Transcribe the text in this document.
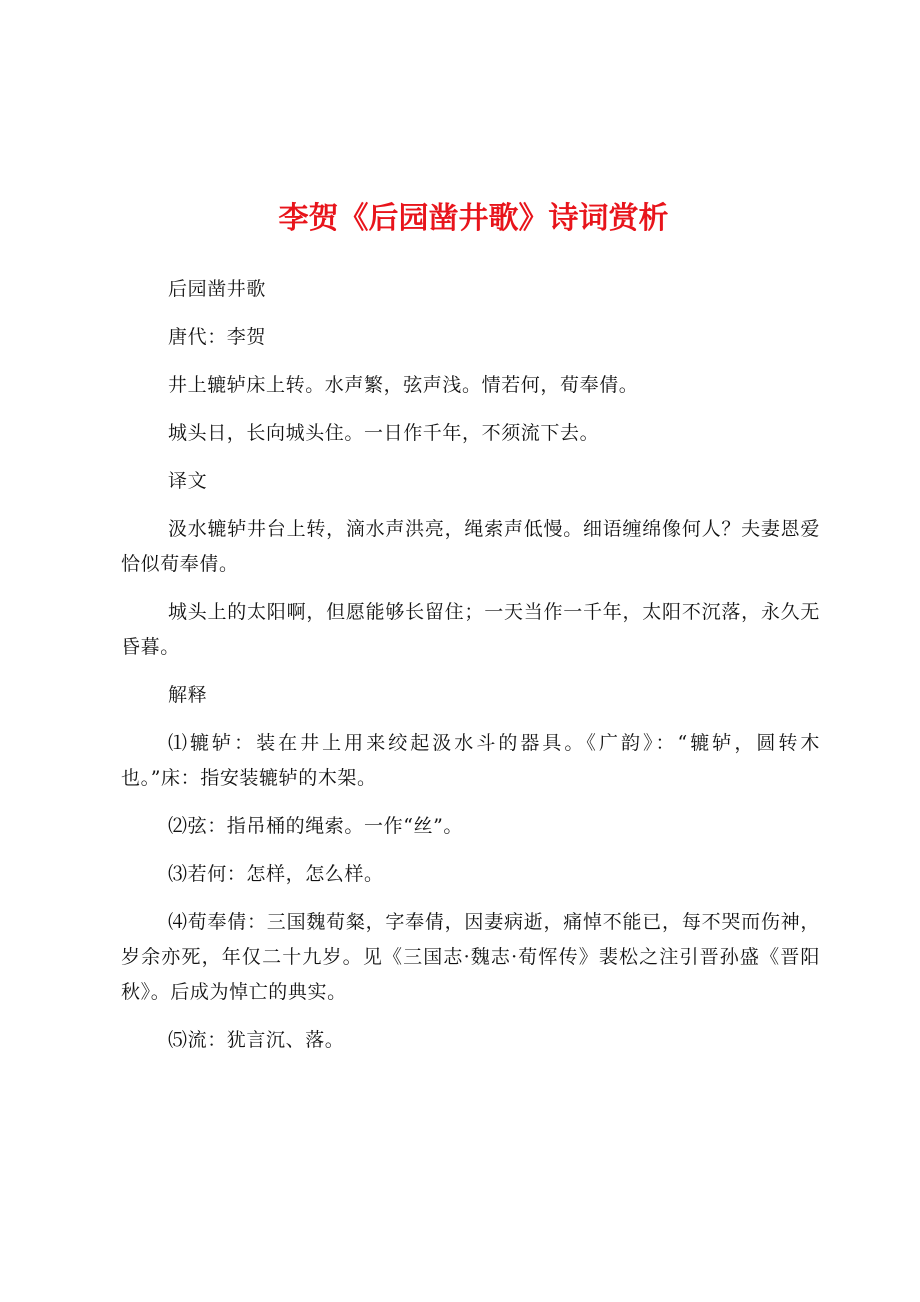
李贺《后园凿井歌》诗词赏析

后园凿井歌

唐代：李贺

井上辘轳床上转。水声繁，弦声浅。情若何，荀奉倩。

城头日，长向城头住。一日作千年，不须流下去。

译文

汲水辘轳井台上转，滴水声洪亮，绳索声低慢。细语缠绵像何人？夫妻恩爱恰似荀奉倩。

城头上的太阳啊，但愿能够长留住；一天当作一千年，太阳不沉落，永久无昏暮。

解释

⑴辘轳：装在井上用来绞起汲水斗的器具。《广韵》：“辘轳，圆转木也。”床：指安装辘轳的木架。

⑵弦：指吊桶的绳索。一作“丝”。

⑶若何：怎样，怎么样。

⑷荀奉倩：三国魏荀粲，字奉倩，因妻病逝，痛悼不能已，每不哭而伤神，岁余亦死，年仅二十九岁。见《三国志·魏志·荀恽传》裴松之注引晋孙盛《晋阳秋》。后成为悼亡的典实。

⑸流：犹言沉、落。
